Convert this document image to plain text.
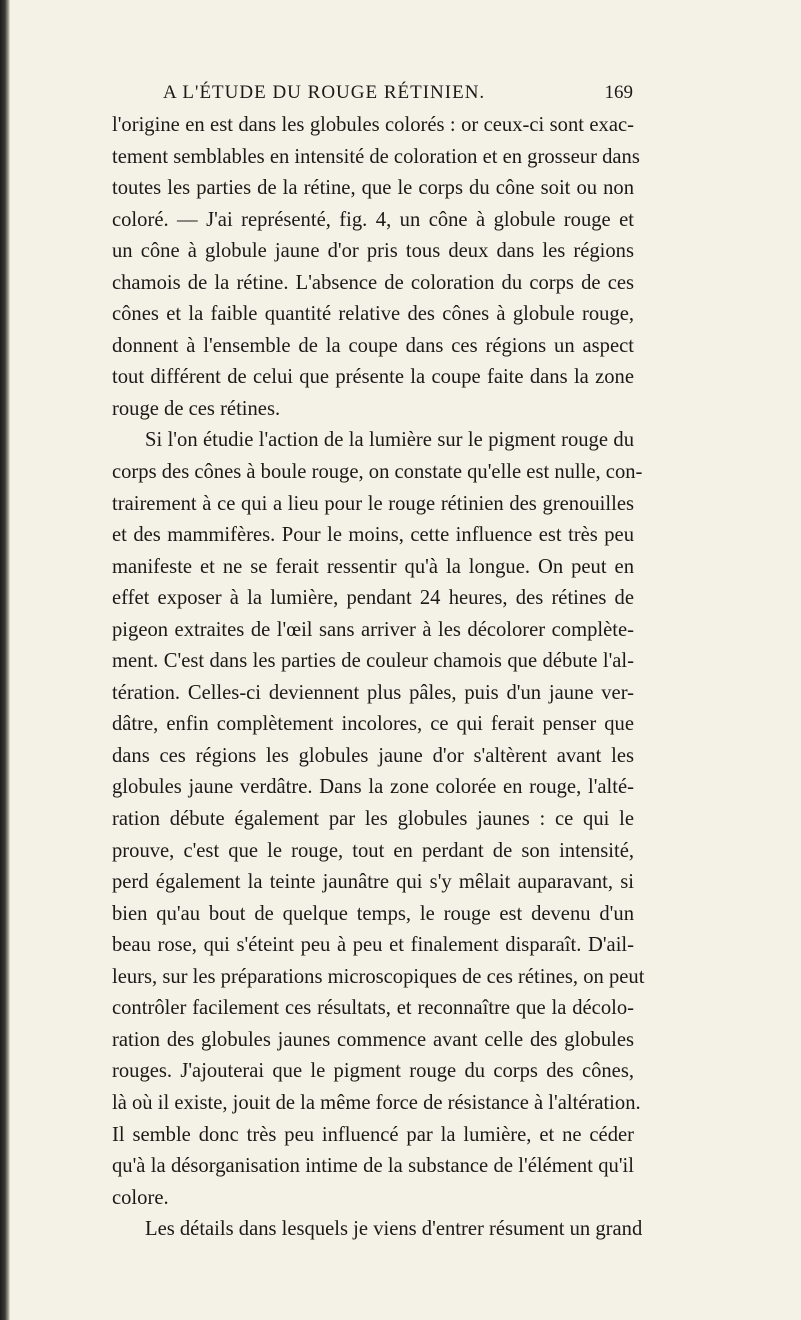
A L'ÉTUDE DU ROUGE RÉTINIEN.	169
l'origine en est dans les globules colorés : or ceux-ci sont exac-
tement semblables en intensité de coloration et en grosseur dans
toutes les parties de la rétine, que le corps du cône soit ou non
coloré. — J'ai représenté, fig. 4, un cône à globule rouge et
un cône à globule jaune d'or pris tous deux dans les régions
chamois de la rétine. L'absence de coloration du corps de ces
cônes et la faible quantité relative des cônes à globule rouge,
donnent à l'ensemble de la coupe dans ces régions un aspect
tout différent de celui que présente la coupe faite dans la zone
rouge de ces rétines.
Si l'on étudie l'action de la lumière sur le pigment rouge du
corps des cônes à boule rouge, on constate qu'elle est nulle, con-
trairement à ce qui a lieu pour le rouge rétinien des grenouilles
et des mammifères. Pour le moins, cette influence est très peu
manifeste et ne se ferait ressentir qu'à la longue. On peut en
effet exposer à la lumière, pendant 24 heures, des rétines de
pigeon extraites de l'œil sans arriver à les décolorer complète-
ment. C'est dans les parties de couleur chamois que débute l'al-
tération. Celles-ci deviennent plus pâles, puis d'un jaune ver-
dâtre, enfin complètement incolores, ce qui ferait penser que
dans ces régions les globules jaune d'or s'altèrent avant les
globules jaune verdâtre. Dans la zone colorée en rouge, l'alté-
ration débute également par les globules jaunes : ce qui le
prouve, c'est que le rouge, tout en perdant de son intensité,
perd également la teinte jaunâtre qui s'y mêlait auparavant, si
bien qu'au bout de quelque temps, le rouge est devenu d'un
beau rose, qui s'éteint peu à peu et finalement disparaît. D'ail-
leurs, sur les préparations microscopiques de ces rétines, on peut
contrôler facilement ces résultats, et reconnaître que la décolo-
ration des globules jaunes commence avant celle des globules
rouges. J'ajouterai que le pigment rouge du corps des cônes,
là où il existe, jouit de la même force de résistance à l'altération.
Il semble donc très peu influencé par la lumière, et ne céder
qu'à la désorganisation intime de la substance de l'élément qu'il
colore.
Les détails dans lesquels je viens d'entrer résument un grand
